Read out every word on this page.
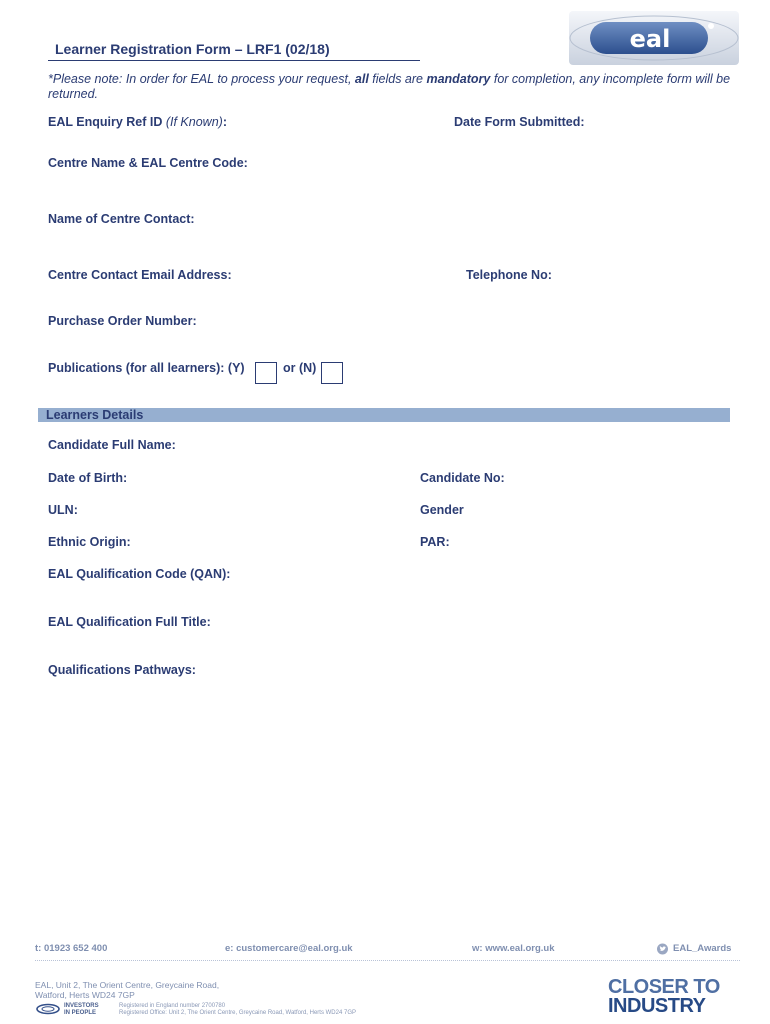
eal
Learner Registration Form – LRF1 (02/18)
*Please note: In order for EAL to process your request, all fields are mandatory for completion, any incomplete form will be returned.
EAL Enquiry Ref ID (If Known):	Date Form Submitted:
Centre Name & EAL Centre Code:
Name of Centre Contact:
Centre Contact Email Address:	Telephone No:
Purchase Order Number:
Publications (for all learners): (Y)	or (N)
Learners Details
Candidate Full Name:
Date of Birth:	Candidate No:
ULN:	Gender
Ethnic Origin:	PAR:
EAL Qualification Code (QAN):
EAL Qualification Full Title:
Qualifications Pathways:
t: 01923 652 400	e: customercare@eal.org.uk	w: www.eal.org.uk	EAL_Awards
EAL, Unit 2, The Orient Centre, Greycaine Road,
Watford, Herts WD24 7GP
INVESTORS
IN PEOPLE
Registered in England number 2700780
Registered Office: Unit 2, The Orient Centre, Greycaine Road, Watford, Herts WD24 7GP
CLOSER TO
INDUSTRY
